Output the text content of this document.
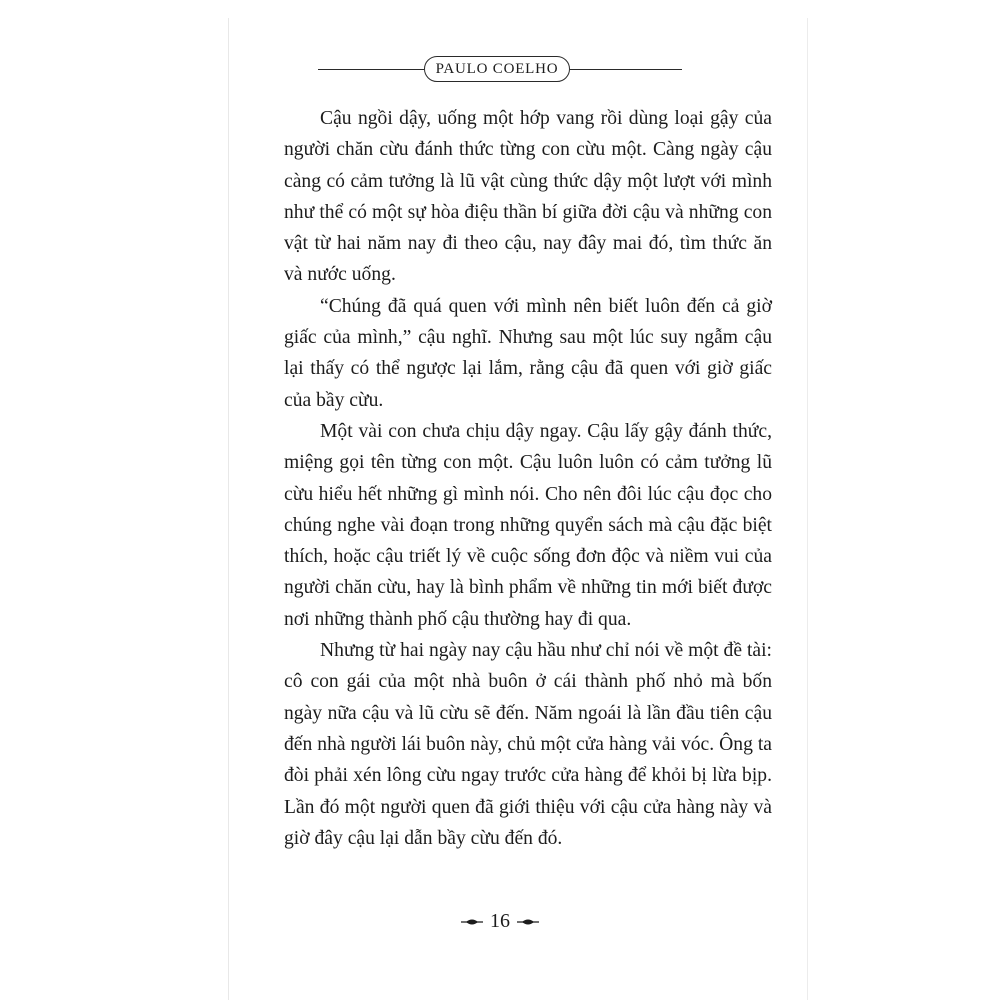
PAULO COELHO

Cậu ngồi dậy, uống một hớp vang rồi dùng loại gậy của người chăn cừu đánh thức từng con cừu một. Càng ngày cậu càng có cảm tưởng là lũ vật cùng thức dậy một lượt với mình như thể có một sự hòa điệu thần bí giữa đời cậu và những con vật từ hai năm nay đi theo cậu, nay đây mai đó, tìm thức ăn và nước uống.

“Chúng đã quá quen với mình nên biết luôn đến cả giờ giấc của mình,” cậu nghĩ. Nhưng sau một lúc suy ngẫm cậu lại thấy có thể ngược lại lắm, rằng cậu đã quen với giờ giấc của bầy cừu.

Một vài con chưa chịu dậy ngay. Cậu lấy gậy đánh thức, miệng gọi tên từng con một. Cậu luôn luôn có cảm tưởng lũ cừu hiểu hết những gì mình nói. Cho nên đôi lúc cậu đọc cho chúng nghe vài đoạn trong những quyển sách mà cậu đặc biệt thích, hoặc cậu triết lý về cuộc sống đơn độc và niềm vui của người chăn cừu, hay là bình phẩm về những tin mới biết được nơi những thành phố cậu thường hay đi qua.

Nhưng từ hai ngày nay cậu hầu như chỉ nói về một đề tài: cô con gái của một nhà buôn ở cái thành phố nhỏ mà bốn ngày nữa cậu và lũ cừu sẽ đến. Năm ngoái là lần đầu tiên cậu đến nhà người lái buôn này, chủ một cửa hàng vải vóc. Ông ta đòi phải xén lông cừu ngay trước cửa hàng để khỏi bị lừa bịp. Lần đó một người quen đã giới thiệu với cậu cửa hàng này và giờ đây cậu lại dẫn bầy cừu đến đó.

16
